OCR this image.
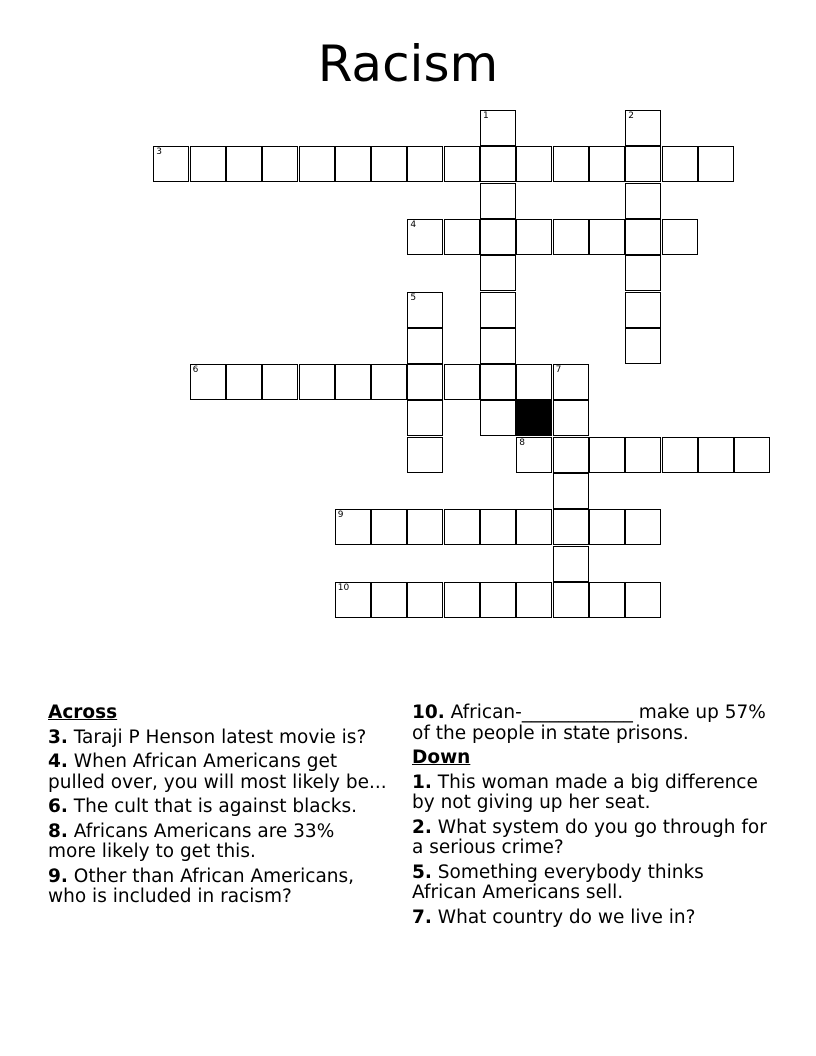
Racism
1	2
3
4
5
6	7
8
9
10
Across
3. Taraji P Henson latest movie is?
4. When African Americans get pulled over, you will most likely be...
6. The cult that is against blacks.
8. Africans Americans are 33% more likely to get this.
9. Other than African Americans, who is included in racism?
10. African-____________ make up 57% of the people in state prisons.
Down
1. This woman made a big difference by not giving up her seat.
2. What system do you go through for a serious crime?
5. Something everybody thinks African Americans sell.
7. What country do we live in?
